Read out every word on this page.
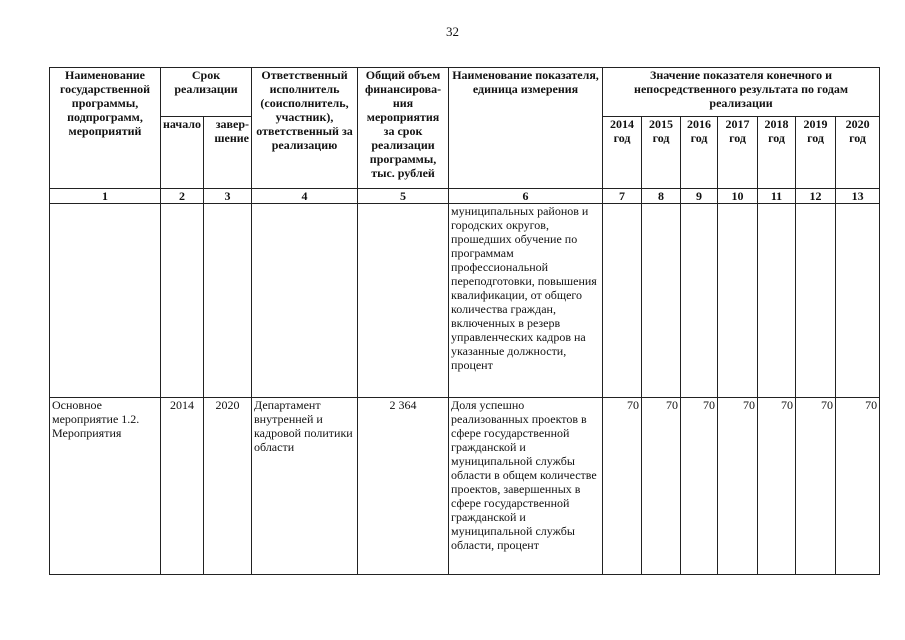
32
Наименование государственной программы, подпрограмм, мероприятий	Срок реализации		Ответственный исполнитель (соисполнитель, участник), ответственный за реализацию	Общий объем финансирова-ния мероприятия за срок реализации программы, тыс. рублей	Наименование показателя, единица измерения	Значение показателя конечного и непосредственного результата по годам реализации						
	начало	завер-шение				2014 год	2015 год	2016 год	2017 год	2018 год	2019 год	2020 год

1	2	3	4	5	6	7	8	9	10	11	12	13
					муниципальных районов и городских округов, прошедших обучение по программам профессиональной переподготовки, повышения квалификации, от общего количества граждан, включенных в резерв управленческих кадров на указанные должности, процент							
Основное мероприятие 1.2. Мероприятия	2014	2020	Департамент внутренней и кадровой политики области	2 364	Доля успешно реализованных проектов в сфере государственной гражданской и муниципальной службы области в общем количестве проектов, завершенных в сфере государственной гражданской и муниципальной службы области, процент	70	70	70	70	70	70	70
